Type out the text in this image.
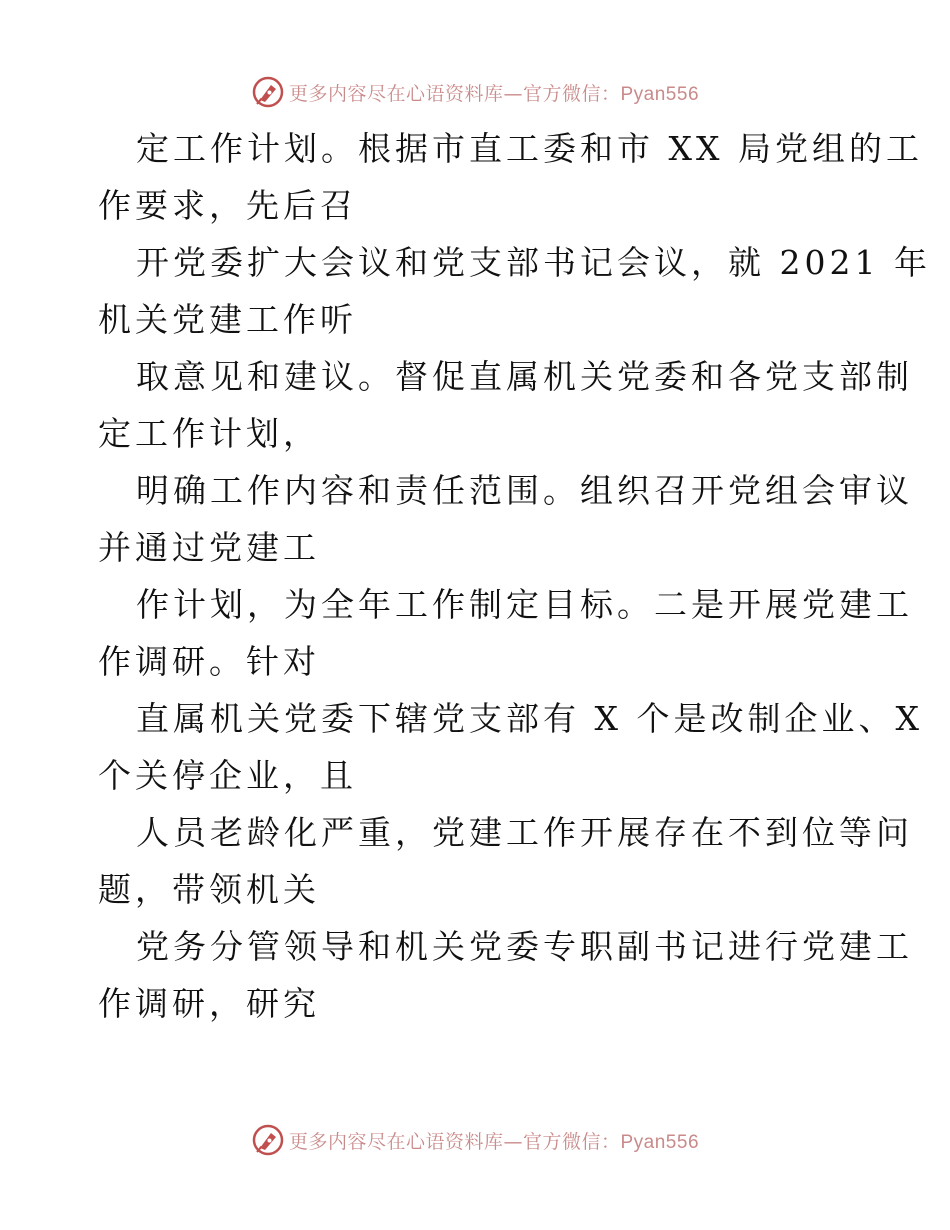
更多内容尽在心语资料库—官方微信：Pyan556

定工作计划。根据市直工委和市 XX 局党组的工
作要求，先后召

开党委扩大会议和党支部书记会议，就 2021 年
机关党建工作听

取意见和建议。督促直属机关党委和各党支部制
定工作计划，

明确工作内容和责任范围。组织召开党组会审议
并通过党建工

作计划，为全年工作制定目标。二是开展党建工
作调研。针对

直属机关党委下辖党支部有 X 个是改制企业、X
个关停企业，且

人员老龄化严重，党建工作开展存在不到位等问
题，带领机关

党务分管领导和机关党委专职副书记进行党建工
作调研，研究

更多内容尽在心语资料库—官方微信：Pyan556
